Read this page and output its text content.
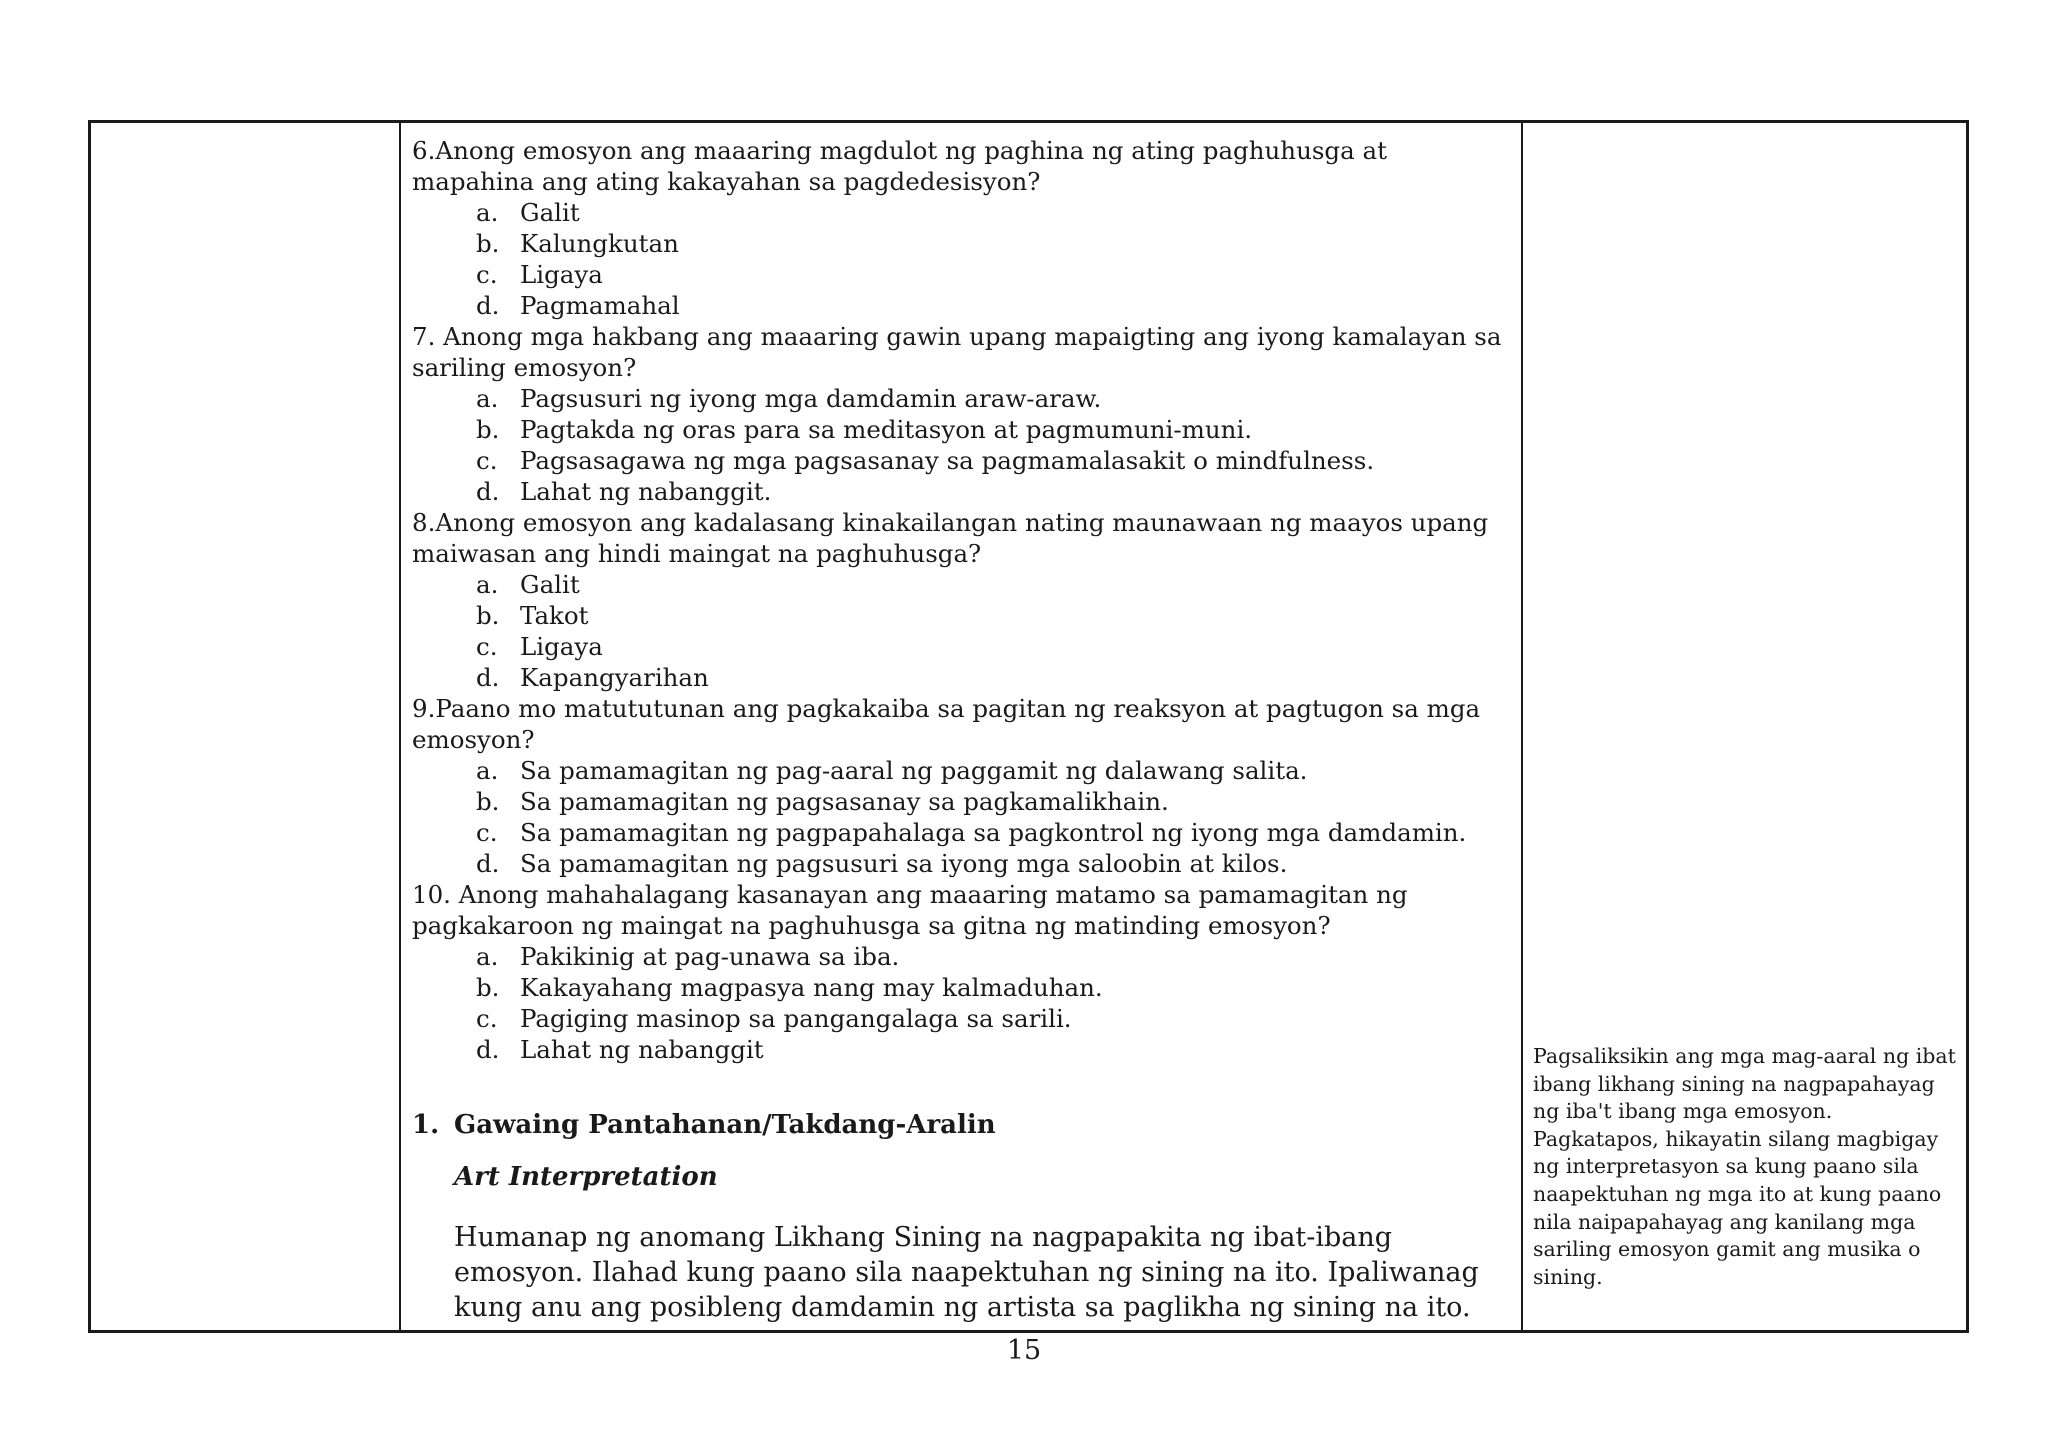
6.Anong emosyon ang maaaring magdulot ng paghina ng ating paghuhusga at mapahina ang ating kakayahan sa pagdedesisyon?

a. Galit
b. Kalungkutan
c. Ligaya
d. Pagmamahal

7. Anong mga hakbang ang maaaring gawin upang mapaigting ang iyong kamalayan sa sariling emosyon?

a. Pagsusuri ng iyong mga damdamin araw-araw.
b. Pagtakda ng oras para sa meditasyon at pagmumuni-muni.
c. Pagsasagawa ng mga pagsasanay sa pagmamalasakit o mindfulness.
d. Lahat ng nabanggit.

8.Anong emosyon ang kadalasang kinakailangan nating maunawaan ng maayos upang maiwasan ang hindi maingat na paghuhusga?

a. Galit
b. Takot
c. Ligaya
d. Kapangyarihan

9.Paano mo matututunan ang pagkakaiba sa pagitan ng reaksyon at pagtugon sa mga emosyon?

a. Sa pamamagitan ng pag-aaral ng paggamit ng dalawang salita.
b. Sa pamamagitan ng pagsasanay sa pagkamalikhain.
c. Sa pamamagitan ng pagpapahalaga sa pagkontrol ng iyong mga damdamin.
d. Sa pamamagitan ng pagsusuri sa iyong mga saloobin at kilos.

10. Anong mahahalagang kasanayan ang maaaring matamo sa pamamagitan ng pagkakaroon ng maingat na paghuhusga sa gitna ng matinding emosyon?

a. Pakikinig at pag-unawa sa iba.
b. Kakayahang magpasya nang may kalmaduhan.
c. Pagiging masinop sa pangangalaga sa sarili.
d. Lahat ng nabanggit
1. Gawaing Pantahanan/Takdang-Aralin
Art Interpretation
Humanap ng anomang Likhang Sining na nagpapakita ng ibat-ibang emosyon. Ilahad kung paano sila naapektuhan ng sining na ito. Ipaliwanag kung anu ang posibleng damdamin ng artista sa paglikha ng sining na ito.
Pagsaliksikin ang mga mag-aaral ng ibat ibang likhang sining na nagpapahayag ng iba't ibang mga emosyon. Pagkatapos, hikayatin silang magbigay ng interpretasyon sa kung paano sila naapektuhan ng mga ito at kung paano nila naipapahayag ang kanilang mga sariling emosyon gamit ang musika o sining.
15
